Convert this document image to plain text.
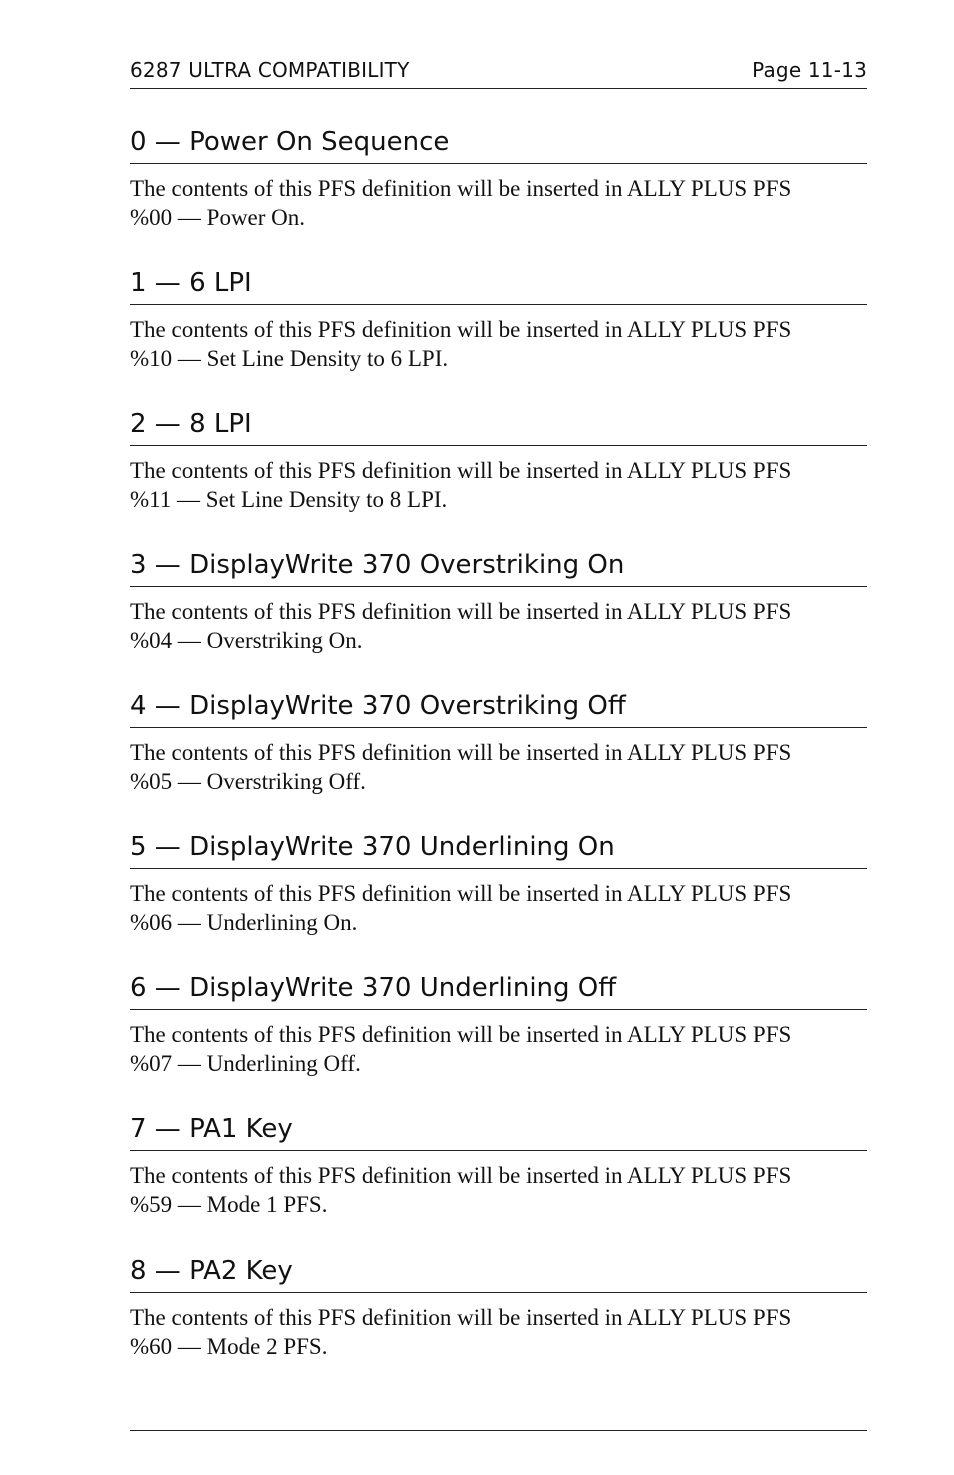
6287 ULTRA COMPATIBILITY	Page 11-13
0 — Power On Sequence

The contents of this PFS definition will be inserted in ALLY PLUS PFS
%00 — Power On.

1 — 6 LPI

The contents of this PFS definition will be inserted in ALLY PLUS PFS
%10 — Set Line Density to 6 LPI.

2 — 8 LPI

The contents of this PFS definition will be inserted in ALLY PLUS PFS
%11 — Set Line Density to 8 LPI.

3 — DisplayWrite 370 Overstriking On

The contents of this PFS definition will be inserted in ALLY PLUS PFS
%04 — Overstriking On.

4 — DisplayWrite 370 Overstriking Off

The contents of this PFS definition will be inserted in ALLY PLUS PFS
%05 — Overstriking Off.

5 — DisplayWrite 370 Underlining On

The contents of this PFS definition will be inserted in ALLY PLUS PFS
%06 — Underlining On.

6 — DisplayWrite 370 Underlining Off

The contents of this PFS definition will be inserted in ALLY PLUS PFS
%07 — Underlining Off.

7 — PA1 Key

The contents of this PFS definition will be inserted in ALLY PLUS PFS
%59 — Mode 1 PFS.

8 — PA2 Key

The contents of this PFS definition will be inserted in ALLY PLUS PFS
%60 — Mode 2 PFS.
